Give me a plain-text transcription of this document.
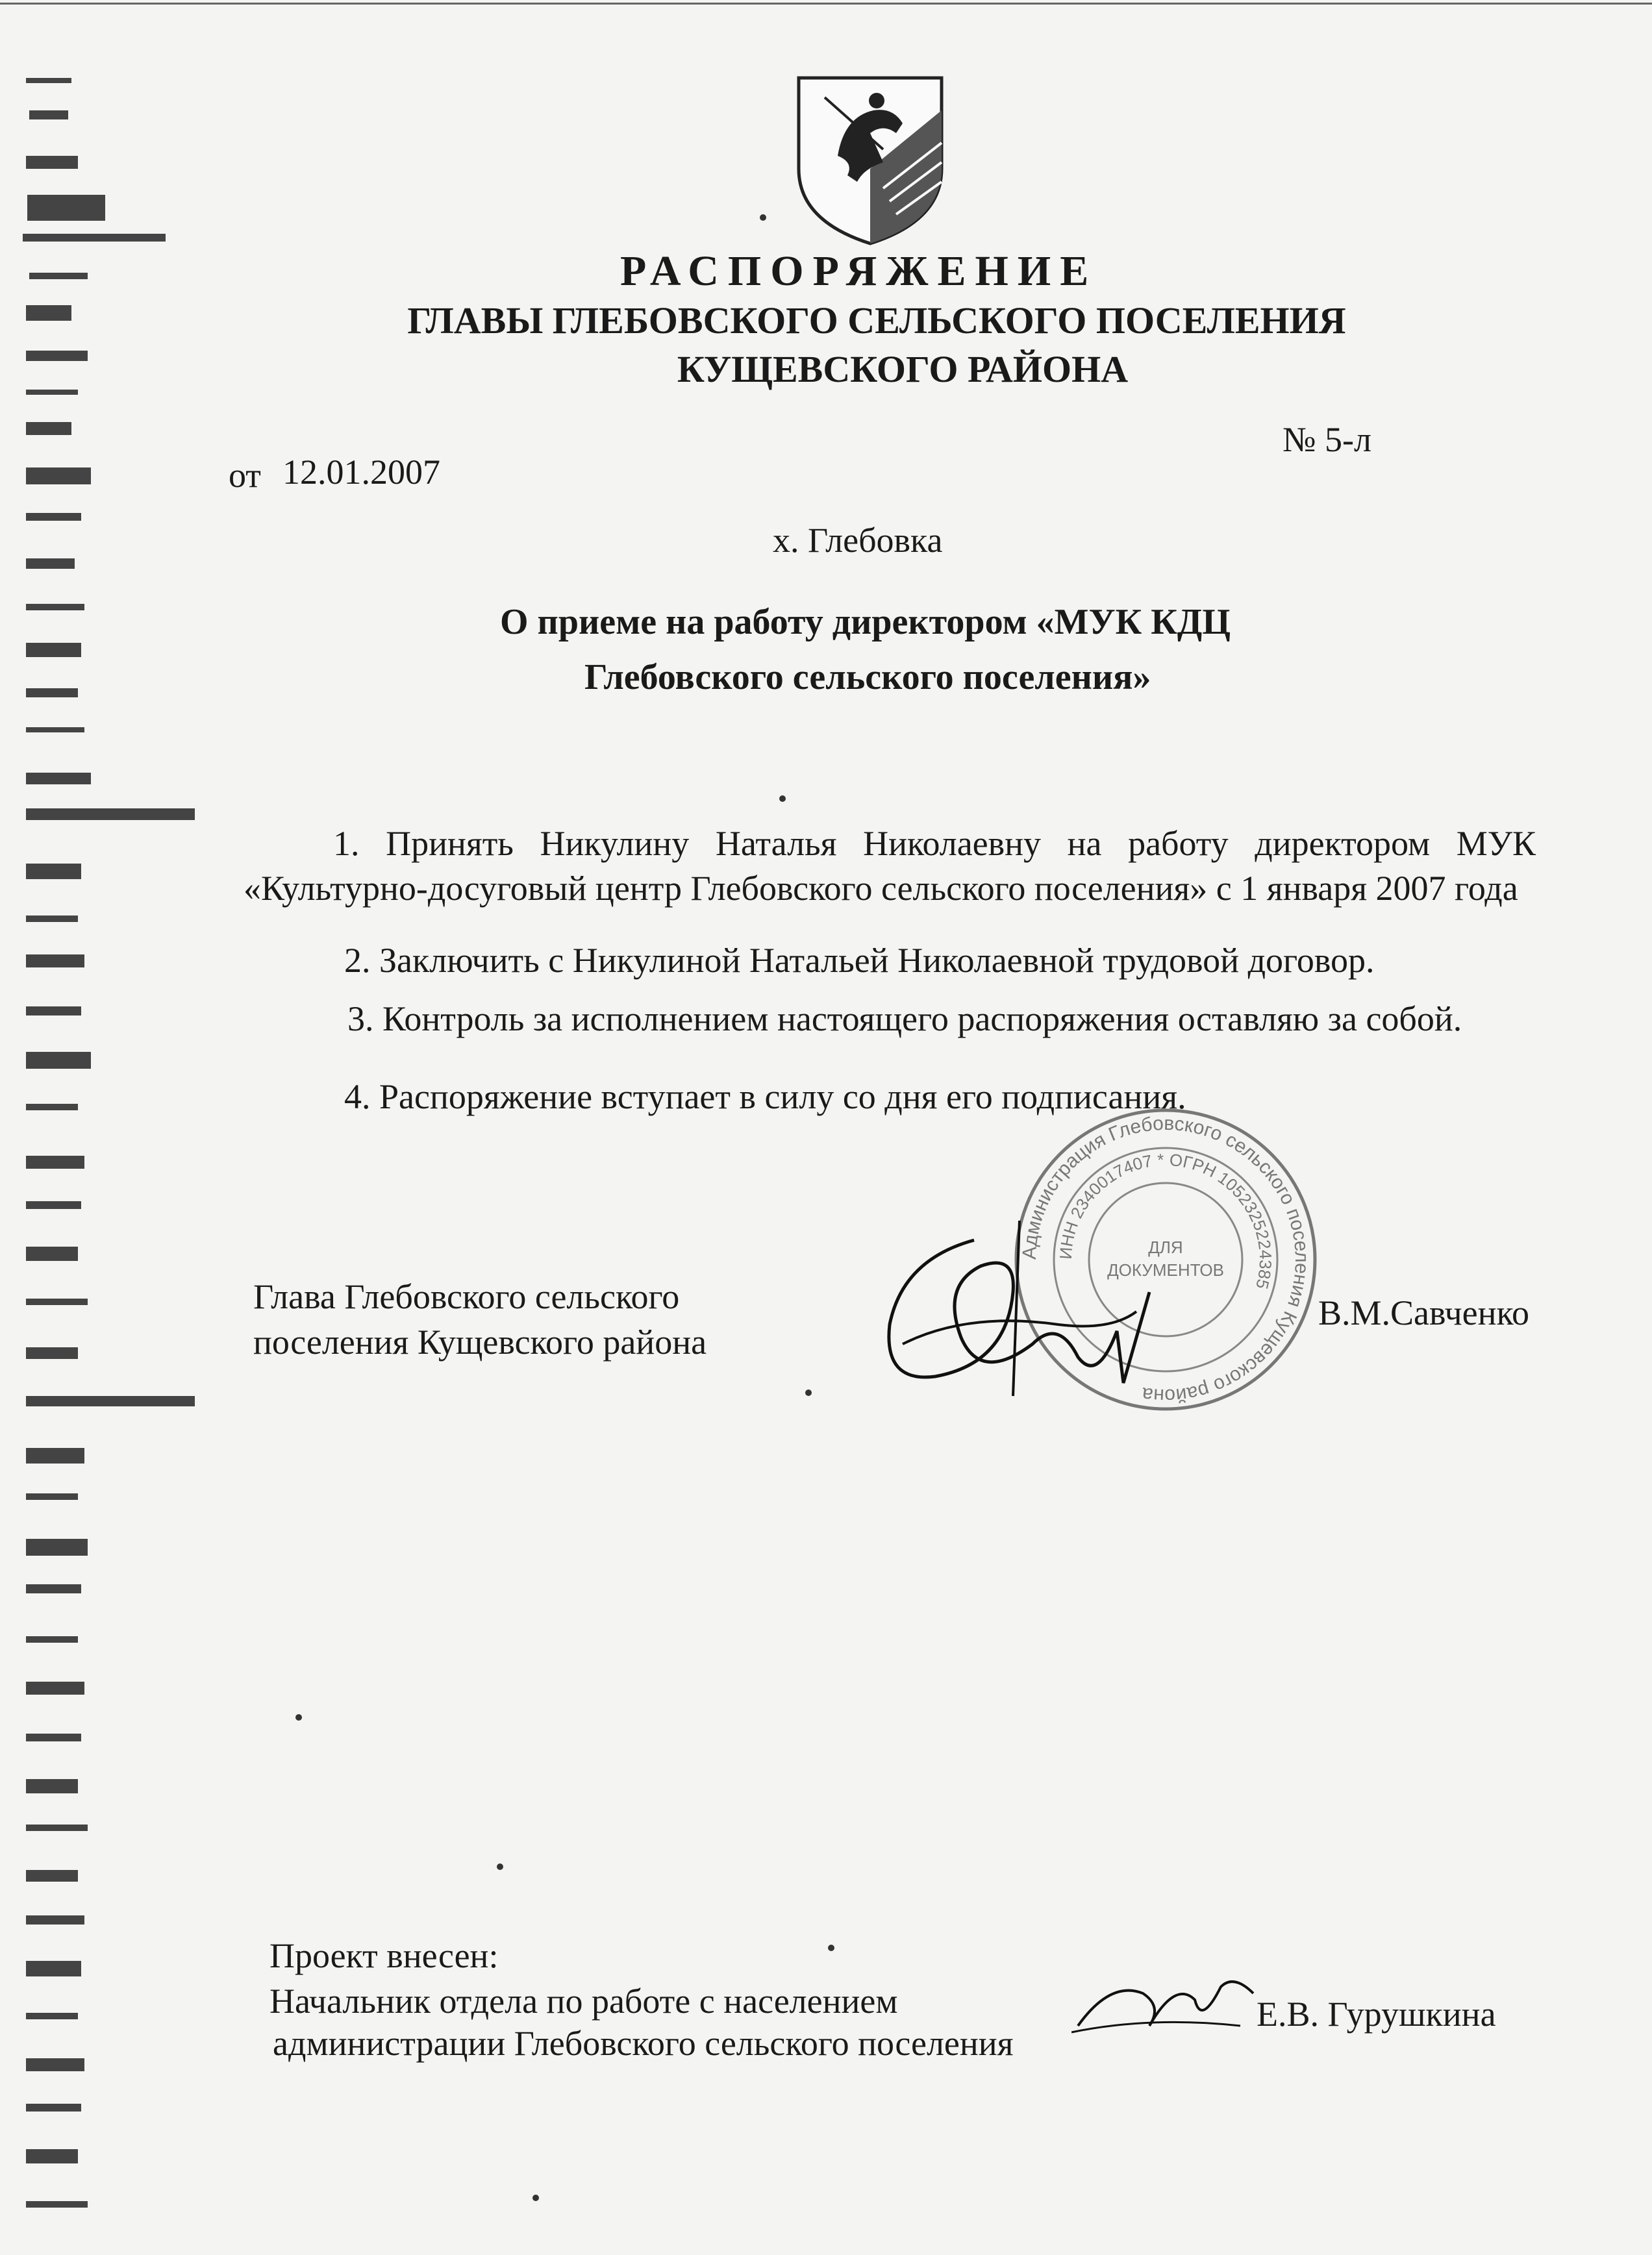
РАСПОРЯЖЕНИЕ
ГЛАВЫ ГЛЕБОВСКОГО СЕЛЬСКОГО ПОСЕЛЕНИЯ
КУЩЕВСКОГО РАЙОНА
от 12.01.2007
№ 5-л
х. Глебовка
О приеме на работу директором «МУК КДЦ
Глебовского сельского поселения»
1. Принять Никулину Наталья Николаевну на работу директором МУК «Культурно-досуговый центр Глебовского сельского поселения» с 1 января 2007 года
2. Заключить с Никулиной Натальей Николаевной трудовой договор.
3. Контроль за исполнением настоящего распоряжения оставляю за собой.
4. Распоряжение вступает в силу со дня его подписания.
Глава Глебовского сельского
поселения Кущевского района
В.М.Савченко
Администрация Глебовского сельского поселения Кущевского района
ИНН 2340017407 * ОГРН 1052325224385
ДЛЯ
ДОКУМЕНТОВ
Проект внесен:
Начальник отдела по работе с населением
администрации Глебовского сельского поселения
Е.В. Гурушкина
